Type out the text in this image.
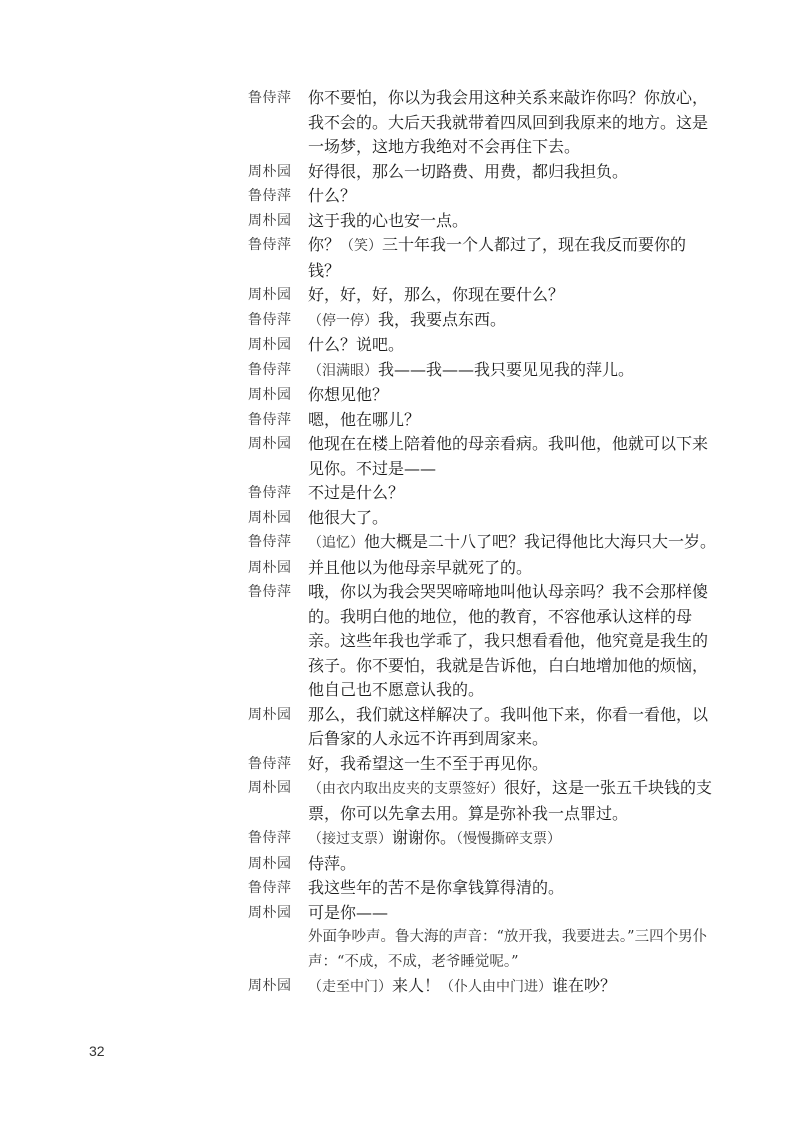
鲁侍萍	你不要怕，你以为我会用这种关系来敲诈你吗？你放心，我不会的。大后天我就带着四凤回到我原来的地方。这是一场梦，这地方我绝对不会再住下去。
周朴园	好得很，那么一切路费、用费，都归我担负。
鲁侍萍	什么？
周朴园	这于我的心也安一点。
鲁侍萍	你？（笑）三十年我一个人都过了，现在我反而要你的钱？
周朴园	好，好，好，那么，你现在要什么？
鲁侍萍	（停一停）我，我要点东西。
周朴园	什么？说吧。
鲁侍萍	（泪满眼）我——我——我只要见见我的萍儿。
周朴园	你想见他？
鲁侍萍	嗯，他在哪儿？
周朴园	他现在在楼上陪着他的母亲看病。我叫他，他就可以下来见你。不过是——
鲁侍萍	不过是什么？
周朴园	他很大了。
鲁侍萍	（追忆）他大概是二十八了吧？我记得他比大海只大一岁。
周朴园	并且他以为他母亲早就死了的。
鲁侍萍	哦，你以为我会哭哭啼啼地叫他认母亲吗？我不会那样傻的。我明白他的地位，他的教育，不容他承认这样的母亲。这些年我也学乖了，我只想看看他，他究竟是我生的孩子。你不要怕，我就是告诉他，白白地增加他的烦恼，他自己也不愿意认我的。
周朴园	那么，我们就这样解决了。我叫他下来，你看一看他，以后鲁家的人永远不许再到周家来。
鲁侍萍	好，我希望这一生不至于再见你。
周朴园	（由衣内取出皮夹的支票签好）很好，这是一张五千块钱的支票，你可以先拿去用。算是弥补我一点罪过。
鲁侍萍	（接过支票）谢谢你。（慢慢撕碎支票）
周朴园	侍萍。
鲁侍萍	我这些年的苦不是你拿钱算得清的。
周朴园	可是你——
外面争吵声。鲁大海的声音：“放开我，我要进去。”三四个男仆声：“不成，不成，老爷睡觉呢。”
周朴园	（走至中门）来人！（仆人由中门进）谁在吵？
32
